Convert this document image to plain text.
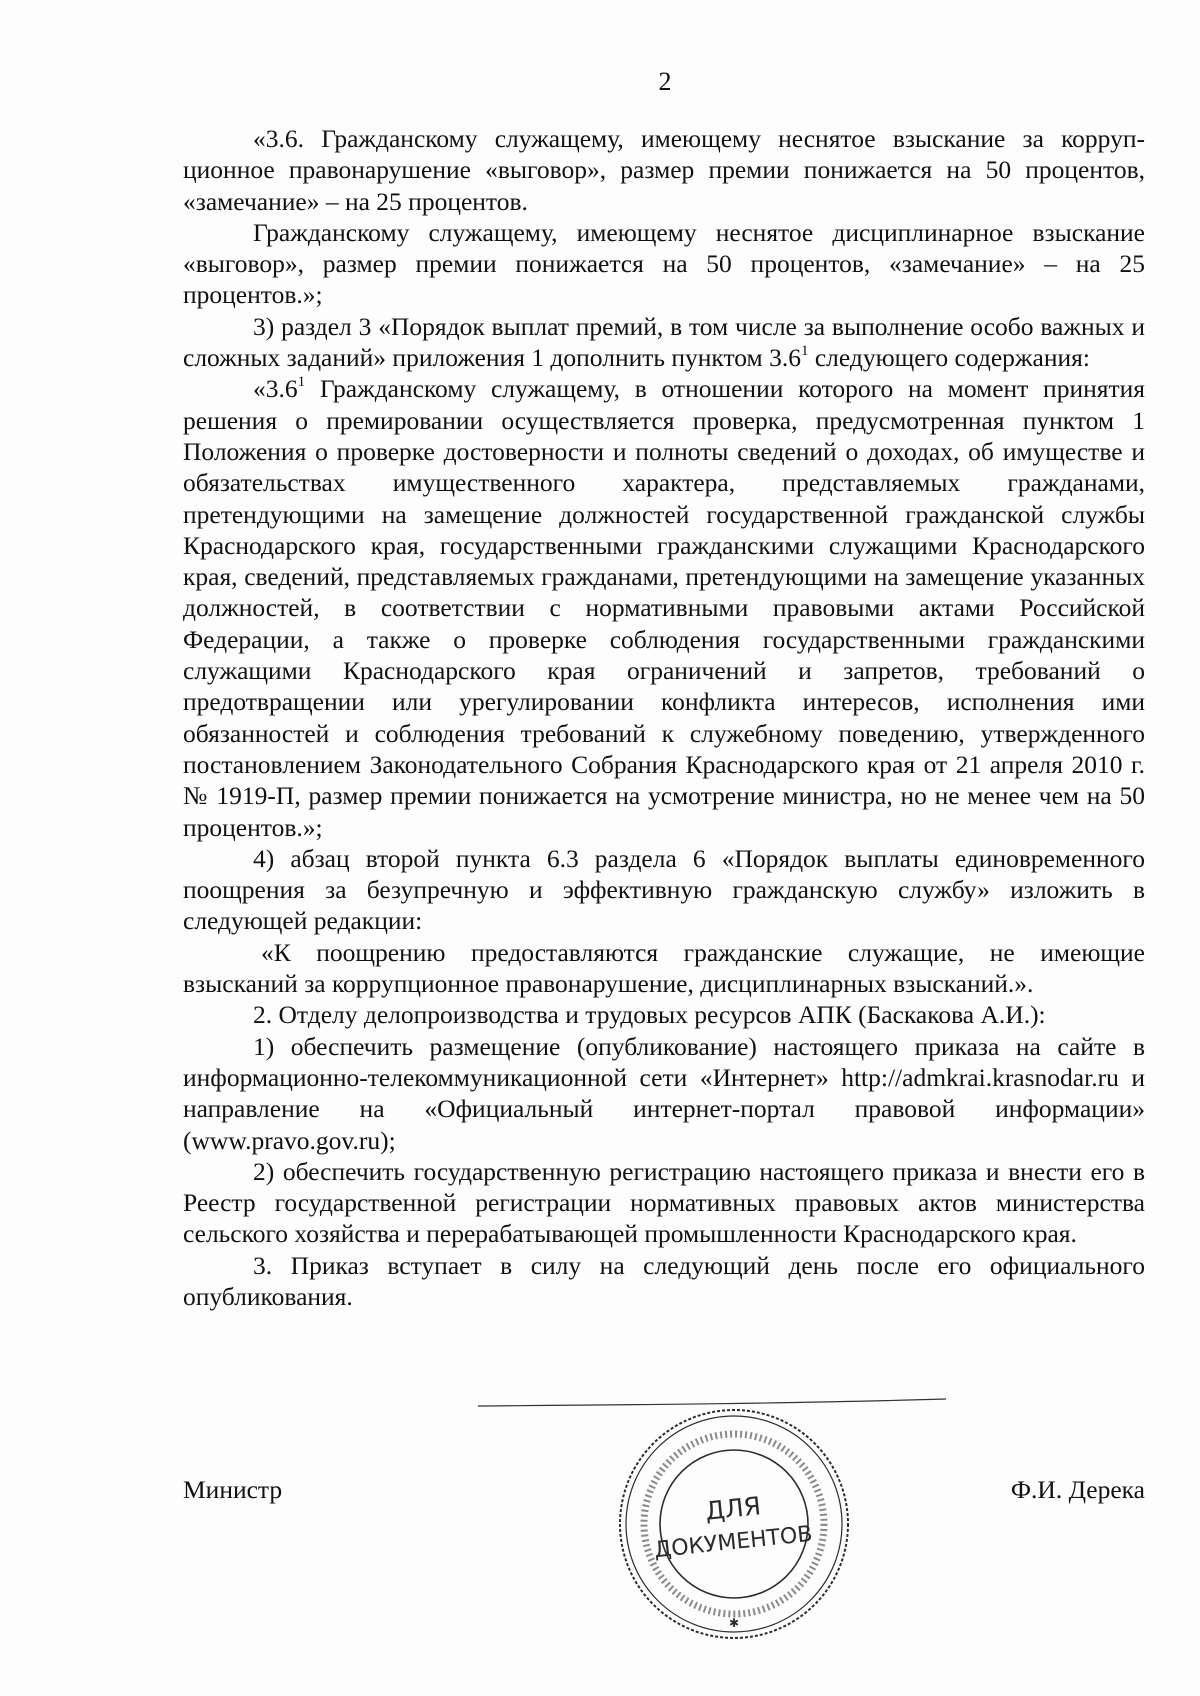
2

«3.6. Гражданскому служащему, имеющему неснятое взыскание за коррупционное правонарушение «выговор», размер премии понижается на 50 процентов, «замечание» – на 25 процентов.

Гражданскому служащему, имеющему неснятое дисциплинарное взыскание «выговор», размер премии понижается на 50 процентов, «замечание» – на 25 процентов.»;

3) раздел 3 «Порядок выплат премий, в том числе за выполнение особо важных и сложных заданий» приложения 1 дополнить пунктом $3.6^1$ следующего содержания:

«$3.6^1$ Гражданскому служащему, в отношении которого на момент принятия решения о премировании осуществляется проверка, предусмотренная пунктом 1 Положения о проверке достоверности и полноты сведений о доходах, об имуществе и обязательствах имущественного характера, представляемых гражданами, претендующими на замещение должностей государственной гражданской службы Краснодарского края, государственными гражданскими служащими Краснодарского края, сведений, представляемых гражданами, претендующими на замещение указанных должностей, в соответствии с нормативными правовыми актами Российской Федерации, а также о проверке соблюдения государственными гражданскими служащими Краснодарского края ограничений и запретов, требований о предотвращении или урегулировании конфликта интересов, исполнения ими обязанностей и соблюдения требований к служебному поведению, утвержденного постановлением Законодательного Собрания Краснодарского края от 21 апреля 2010 г. № 1919-П, размер премии понижается на усмотрение министра, но не менее чем на 50 процентов.»;

4) абзац второй пункта 6.3 раздела 6 «Порядок выплаты единовременного поощрения за безупречную и эффективную гражданскую службу» изложить в следующей редакции:

«К поощрению предоставляются гражданские служащие, не имеющие взысканий за коррупционное правонарушение, дисциплинарных взысканий.».

2. Отделу делопроизводства и трудовых ресурсов АПК (Баскакова А.И.):

1) обеспечить размещение (опубликование) настоящего приказа на сайте в информационно-телекоммуникационной сети «Интернет» http://admkrai.krasnodar.ru и направление на «Официальный интернет-портал правовой информации» (www.pravo.gov.ru);

2) обеспечить государственную регистрацию настоящего приказа и внести его в Реестр государственной регистрации нормативных правовых актов министерства сельского хозяйства и перерабатывающей промышленности Краснодарского края.

3. Приказ вступает в силу на следующий день после его официального опубликования.

Министр	Ф.И. Дерека
ДЛЯ
ДОКУМЕНТОВ
✱
